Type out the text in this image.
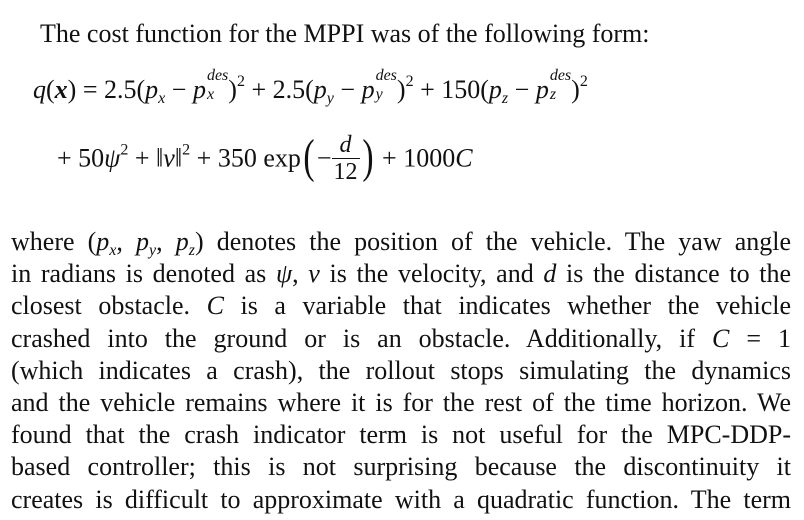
The cost function for the MPPI was of the following form:
$q(x) = 2.5(p_x - p$ des
x )$^2 + 2.5(p_y - p$ des
y )$^2 + 150(p_z - p$ des
z )$^2$
+ $50\psi^2$ + ‖v‖$^2$ + 350 $\exp(- \frac{d}{12}$ ) + 1000C
where ($p_x$, $p_y$, $p_z$) denotes the position of the vehicle. The yaw angle
in radians is denoted as ψ, v is the velocity, and d is the distance to the
closest obstacle. C is a variable that indicates whether the vehicle
crashed into the ground or is an obstacle. Additionally, if C = 1
(which indicates a crash), the rollout stops simulating the dynamics
and the vehicle remains where it is for the rest of the time horizon. We
found that the crash indicator term is not useful for the MPC-DDP-
based controller; this is not surprising because the discontinuity it
creates is difficult to approximate with a quadratic function. The term
